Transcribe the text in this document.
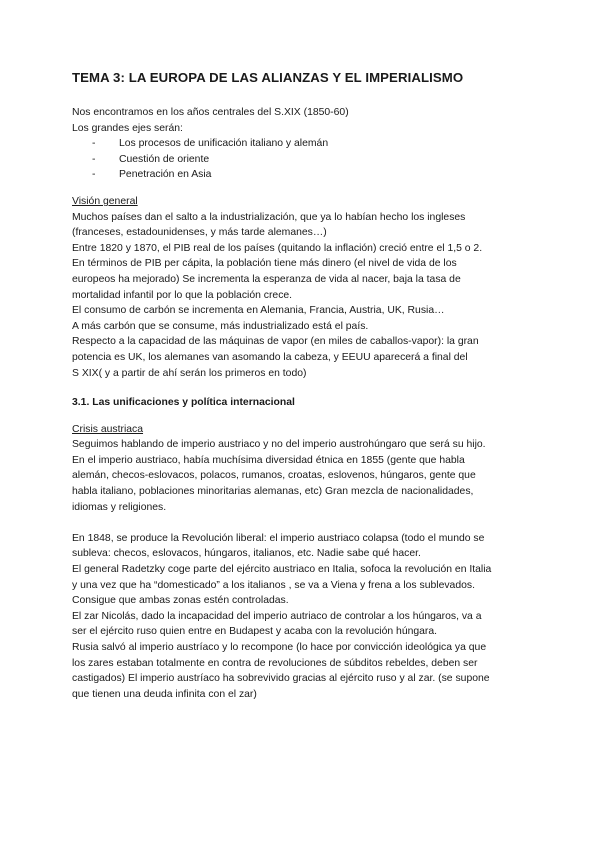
TEMA 3: LA EUROPA DE LAS ALIANZAS Y EL IMPERIALISMO

Nos encontramos en los años centrales del S.XIX (1850-60)

Los grandes ejes serán:

- Los procesos de unificación italiano y alemán
- Cuestión de oriente
- Penetración en Asia

Visión general

Muchos países dan el salto a la industrialización, que ya lo habían hecho los ingleses

(franceses, estadounidenses, y más tarde alemanes…)

Entre 1820 y 1870, el PIB real de los países (quitando la inflación) creció entre el 1,5 o 2.

En términos de PIB per cápita, la población tiene más dinero (el nivel de vida de los

europeos ha mejorado) Se incrementa la esperanza de vida al nacer, baja la tasa de

mortalidad infantil por lo que la población crece.

El consumo de carbón se incrementa en Alemania, Francia, Austria, UK, Rusia…

A más carbón que se consume, más industrializado está el país.

Respecto a la capacidad de las máquinas de vapor (en miles de caballos-vapor): la gran

potencia es UK, los alemanes van asomando la cabeza, y EEUU aparecerá a final del

S XIX( y a partir de ahí serán los primeros en todo)

3.1. Las unificaciones y política internacional

Crisis austriaca

Seguimos hablando de imperio austriaco y no del imperio austrohúngaro que será su hijo.

En el imperio austriaco, había muchísima diversidad étnica en 1855 (gente que habla

alemán, checos-eslovacos, polacos, rumanos, croatas, eslovenos, húngaros, gente que

habla italiano, poblaciones minoritarias alemanas, etc) Gran mezcla de nacionalidades,

idiomas y religiones.

En 1848, se produce la Revolución liberal: el imperio austriaco colapsa (todo el mundo se

subleva: checos, eslovacos, húngaros, italianos, etc. Nadie sabe qué hacer.

El general Radetzky coge parte del ejército austriaco en Italia, sofoca la revolución en Italia

y una vez que ha “domesticado” a los italianos , se va a Viena y frena a los sublevados.

Consigue que ambas zonas estén controladas.

El zar Nicolás, dado la incapacidad del imperio autriaco de controlar a los húngaros, va a

ser el ejército ruso quien entre en Budapest y acaba con la revolución húngara.

Rusia salvó al imperio austríaco y lo recompone (lo hace por convicción ideológica ya que

los zares estaban totalmente en contra de revoluciones de súbditos rebeldes, deben ser

castigados) El imperio austríaco ha sobrevivido gracias al ejército ruso y al zar. (se supone

que tienen una deuda infinita con el zar)
